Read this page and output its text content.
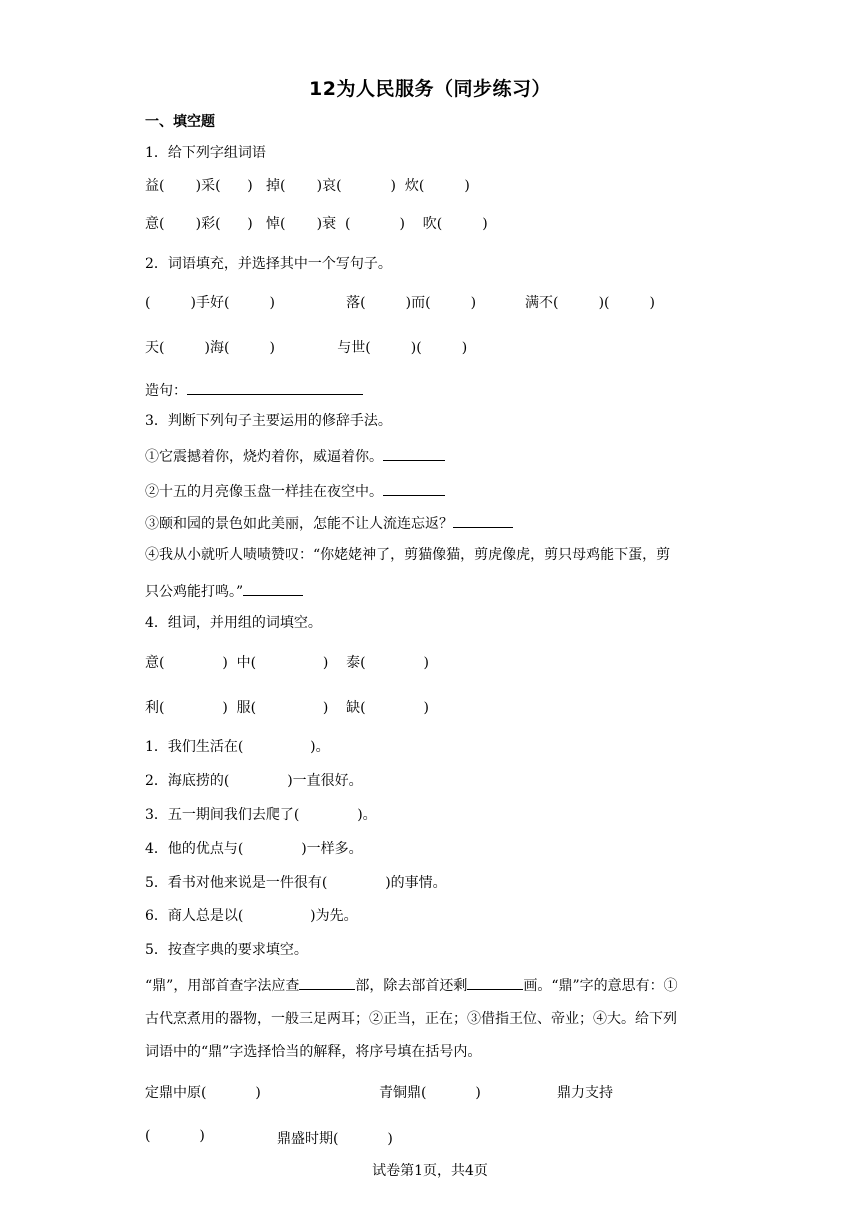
12为人民服务（同步练习）
一、填空题
1．给下列字组词语
益(       )采(      )   掉(       )哀(           )  炊(         )
意(       )彩(      )   悼(       )衰  (           )    吹(         )
2．词语填充，并选择其中一个写句子。
(         )手好(         )                落(         )而(         )           满不(         )(         )
天(         )海(         )              与世(         )(         )
造句：
3．判断下列句子主要运用的修辞手法。
①它震撼着你，烧灼着你，威逼着你。
②十五的月亮像玉盘一样挂在夜空中。
③颐和园的景色如此美丽，怎能不让人流连忘返？
④我从小就听人啧啧赞叹：“你姥姥神了，剪猫像猫，剪虎像虎，剪只母鸡能下蛋，剪
只公鸡能打鸣。”
4．组词，并用组的词填空。
意(             )  中(               )    泰(             )
利(             )  服(               )    缺(             )
1．我们生活在(               )。
2．海底捞的(             )一直很好。
3．五一期间我们去爬了(             )。
4．他的优点与(             )一样多。
5．看书对他来说是一件很有(             )的事情。
6．商人总是以(               )为先。
5．按查字典的要求填空。
“鼎”，用部首查字法应查	部，除去部首还剩	画。“鼎”字的意思有：①
古代烹煮用的器物，一般三足两耳；②正当，正在；③借指王位、帝业；④大。给下列
词语中的“鼎”字选择恰当的解释，将序号填在括号内。
定鼎中原(           )	青铜鼎(           )	鼎力支持
(           )	鼎盛时期(           )
试卷第1页，共4页
